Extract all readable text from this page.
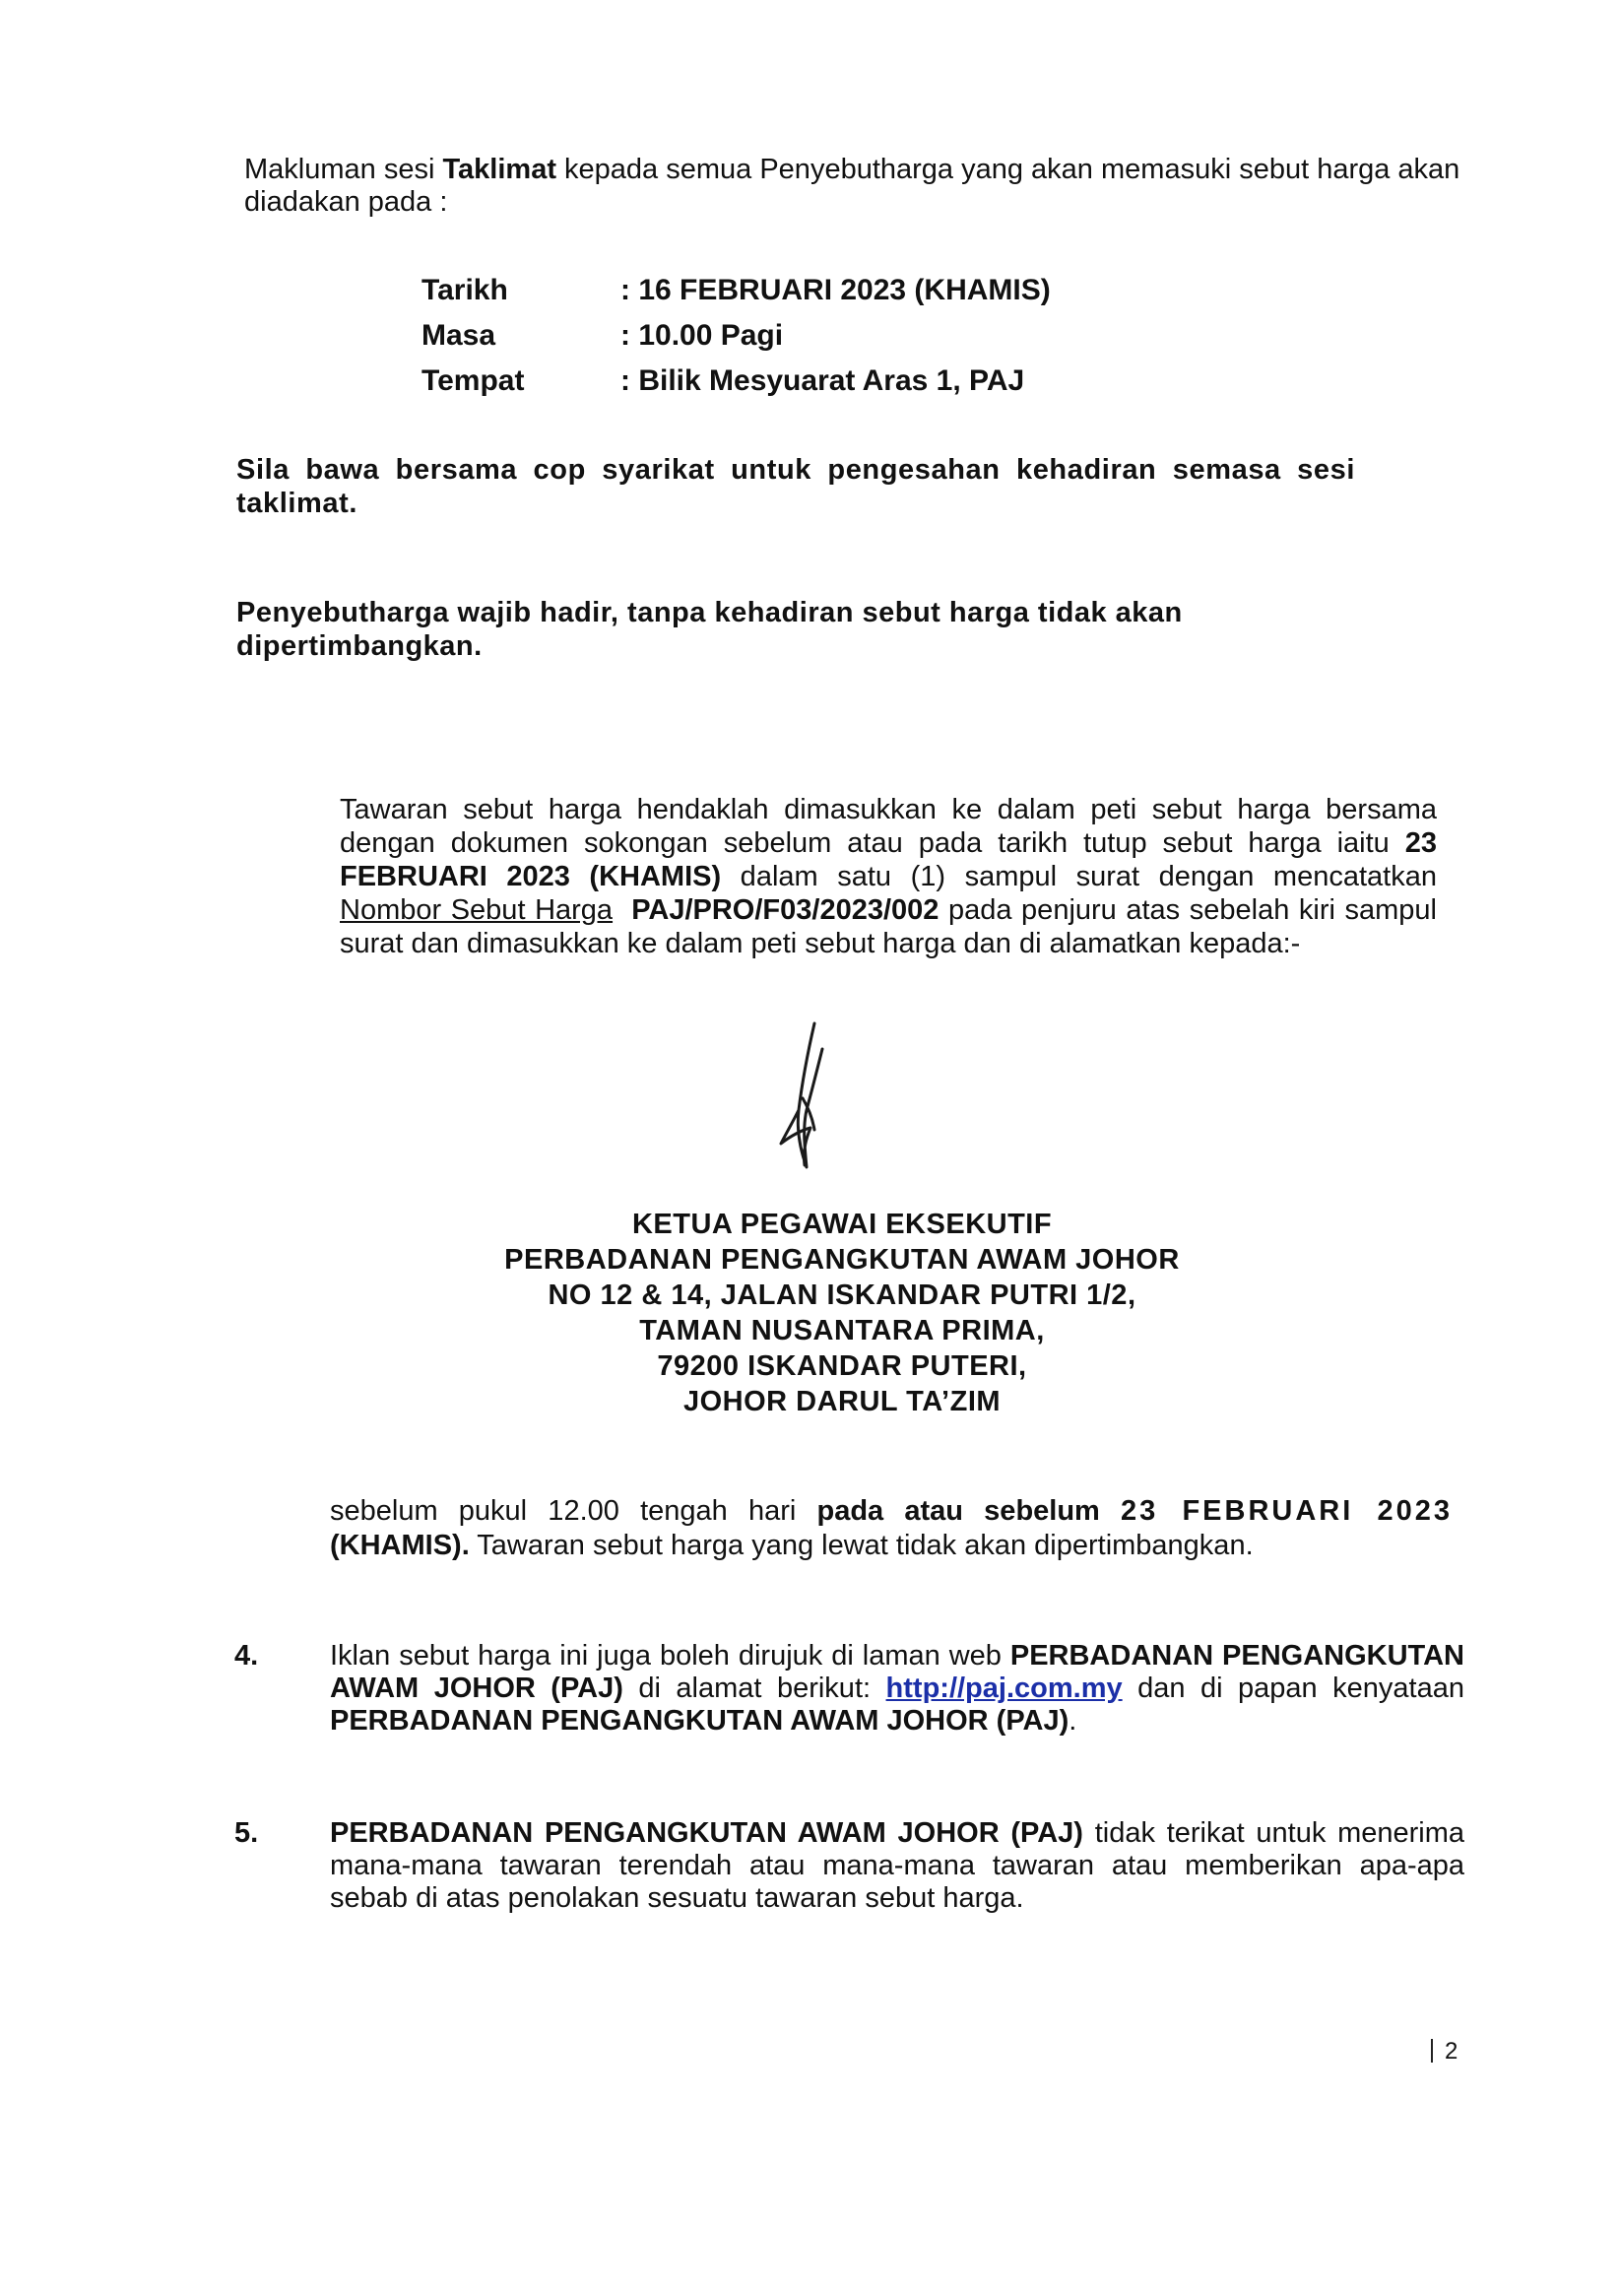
Makluman sesi Taklimat kepada semua Penyebutharga yang akan memasuki sebut harga akan diadakan pada :

Tarikh	: 16 FEBRUARI 2023 (KHAMIS)
Masa	: 10.00 Pagi
Tempat	: Bilik Mesyuarat Aras 1, PAJ

Sila bawa bersama cop syarikat untuk pengesahan kehadiran semasa sesi taklimat.

Penyebutharga wajib hadir, tanpa kehadiran sebut harga tidak akan dipertimbangkan.

Tawaran sebut harga hendaklah dimasukkan ke dalam peti sebut harga bersama dengan dokumen sokongan sebelum atau pada tarikh tutup sebut harga iaitu 23 FEBRUARI 2023 (KHAMIS) dalam satu (1) sampul surat dengan mencatatkan Nombor Sebut Harga PAJ/PRO/F03/2023/002 pada penjuru atas sebelah kiri sampul surat dan dimasukkan ke dalam peti sebut harga dan di alamatkan kepada:-

KETUA PEGAWAI EKSEKUTIF
PERBADANAN PENGANGKUTAN AWAM JOHOR
NO 12 & 14, JALAN ISKANDAR PUTRI 1/2,
TAMAN NUSANTARA PRIMA,
79200 ISKANDAR PUTERI,
JOHOR DARUL TA’ZIM

sebelum pukul 12.00 tengah hari pada atau sebelum 23 FEBRUARI 2023 (KHAMIS). Tawaran sebut harga yang lewat tidak akan dipertimbangkan.

4.	Iklan sebut harga ini juga boleh dirujuk di laman web PERBADANAN PENGANGKUTAN AWAM JOHOR (PAJ) di alamat berikut: http://paj.com.my dan di papan kenyataan PERBADANAN PENGANGKUTAN AWAM JOHOR (PAJ).

5.	PERBADANAN PENGANGKUTAN AWAM JOHOR (PAJ) tidak terikat untuk menerima mana-mana tawaran terendah atau mana-mana tawaran atau memberikan apa-apa sebab di atas penolakan sesuatu tawaran sebut harga.

2
